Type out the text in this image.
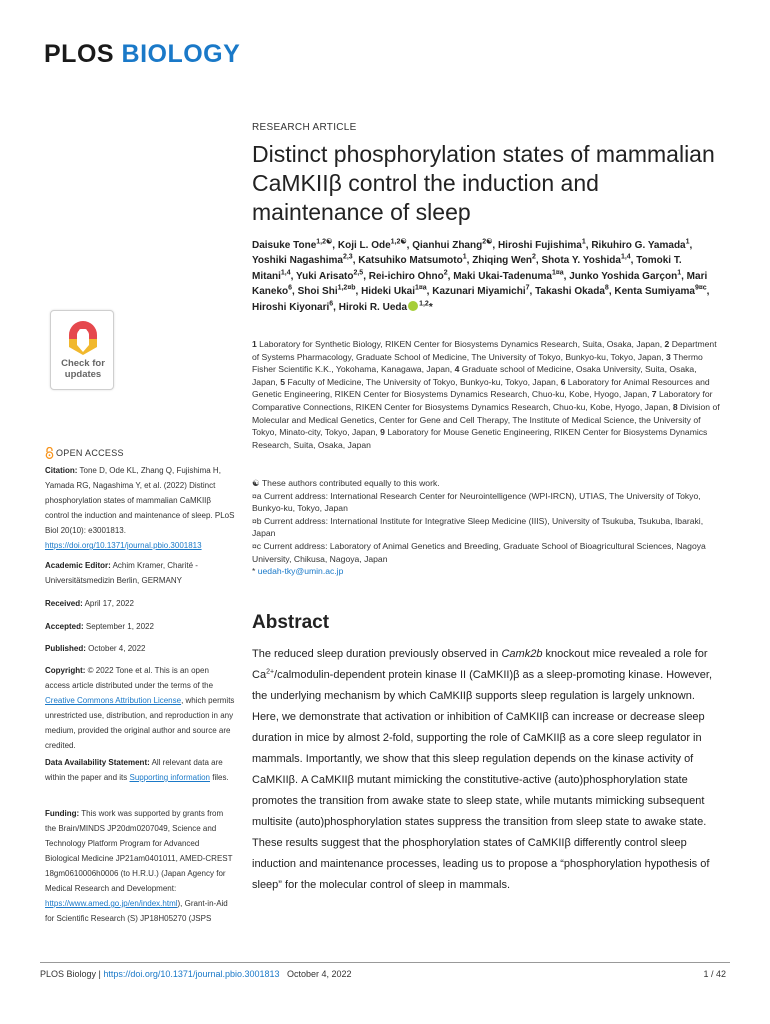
PLOS BIOLOGY
RESEARCH ARTICLE
Distinct phosphorylation states of mammalian CaMKIIβ control the induction and maintenance of sleep
Daisuke Tone$^{1,2☯}$, Koji L. Ode$^{1,2☯}$, Qianhui Zhang$^{2☯}$, Hiroshi Fujishima$^1$, Rikuhiro G. Yamada$^1$, Yoshiki Nagashima$^{2,3}$, Katsuhiko Matsumoto$^1$, Zhiqing Wen$^2$, Shota Y. Yoshida$^{1,4}$, Tomoki T. Mitani$^{1,4}$, Yuki Arisato$^{2,5}$, Rei-ichiro Ohno$^2$, Maki Ukai-Tadenuma$^{1¤a}$, Junko Yoshida Garçon$^1$, Mari Kaneko$^6$, Shoi Shi$^{1,2¤b}$, Hideki Ukai$^{1¤a}$, Kazunari Miyamichi$^7$, Takashi Okada$^8$, Kenta Sumiyama$^{9¤c}$, Hiroshi Kiyonari$^6$, Hiroki R. Ueda $^{1,2}$*
1 Laboratory for Synthetic Biology, RIKEN Center for Biosystems Dynamics Research, Suita, Osaka, Japan, 2 Department of Systems Pharmacology, Graduate School of Medicine, The University of Tokyo, Bunkyo-ku, Tokyo, Japan, 3 Thermo Fisher Scientific K.K., Yokohama, Kanagawa, Japan, 4 Graduate school of Medicine, Osaka University, Suita, Osaka, Japan, 5 Faculty of Medicine, The University of Tokyo, Bunkyo-ku, Tokyo, Japan, 6 Laboratory for Animal Resources and Genetic Engineering, RIKEN Center for Biosystems Dynamics Research, Chuo-ku, Kobe, Hyogo, Japan, 7 Laboratory for Comparative Connections, RIKEN Center for Biosystems Dynamics Research, Chuo-ku, Kobe, Hyogo, Japan, 8 Division of Molecular and Medical Genetics, Center for Gene and Cell Therapy, The Institute of Medical Science, the University of Tokyo, Minato-city, Tokyo, Japan, 9 Laboratory for Mouse Genetic Engineering, RIKEN Center for Biosystems Dynamics Research, Suita, Osaka, Japan
☯ These authors contributed equally to this work.
¤a Current address: International Research Center for Neurointelligence (WPI-IRCN), UTIAS, The University of Tokyo, Bunkyo-ku, Tokyo, Japan
¤b Current address: International Institute for Integrative Sleep Medicine (IIIS), University of Tsukuba, Tsukuba, Ibaraki, Japan
¤c Current address: Laboratory of Animal Genetics and Breeding, Graduate School of Bioagricultural Sciences, Nagoya University, Chikusa, Nagoya, Japan
* uedah-tky@umin.ac.jp
Abstract

The reduced sleep duration previously observed in Camk2b knockout mice revealed a role for $Ca^{2+}/calmodulin$-dependent protein kinase II (CaMKII)β as a sleep-promoting kinase. However, the underlying mechanism by which CaMKIIβ supports sleep regulation is largely unknown. Here, we demonstrate that activation or inhibition of CaMKIIβ can increase or decrease sleep duration in mice by almost 2-fold, supporting the role of CaMKIIβ as a core sleep regulator in mammals. Importantly, we show that this sleep regulation depends on the kinase activity of CaMKIIβ. A CaMKIIβ mutant mimicking the constitutive-active (auto)phosphorylation state promotes the transition from awake state to sleep state, while mutants mimicking subsequent multisite (auto)phosphorylation states suppress the transition from sleep state to awake state. These results suggest that the phosphorylation states of CaMKIIβ differently control sleep induction and maintenance processes, leading us to propose a “phosphorylation hypothesis of sleep” for the molecular control of sleep in mammals.

Check for
updates
OPEN ACCESS
Citation: Tone D, Ode KL, Zhang Q, Fujishima H, Yamada RG, Nagashima Y, et al. (2022) Distinct phosphorylation states of mammalian CaMKIIβ control the induction and maintenance of sleep. PLoS Biol 20(10): e3001813. https://doi.org/10.1371/journal.pbio.3001813
Academic Editor: Achim Kramer, Charité - Universitätsmedizin Berlin, GERMANY
Received: April 17, 2022
Accepted: September 1, 2022
Published: October 4, 2022
Copyright: © 2022 Tone et al. This is an open access article distributed under the terms of the Creative Commons Attribution License, which permits unrestricted use, distribution, and reproduction in any medium, provided the original author and source are credited.
Data Availability Statement: All relevant data are within the paper and its Supporting information files.
Funding: This work was supported by grants from the Brain/MINDS JP20dm0207049, Science and Technology Platform Program for Advanced Biological Medicine JP21am0401011, AMED-CREST 18gm0610006h0006 (to H.R.U.) (Japan Agency for Medical Research and Development: https://www.amed.go.jp/en/index.html), Grant-in-Aid for Scientific Research (S) JP18H05270 (JSPS
PLOS Biology | https://doi.org/10.1371/journal.pbio.3001813   October 4, 2022	1 / 42
